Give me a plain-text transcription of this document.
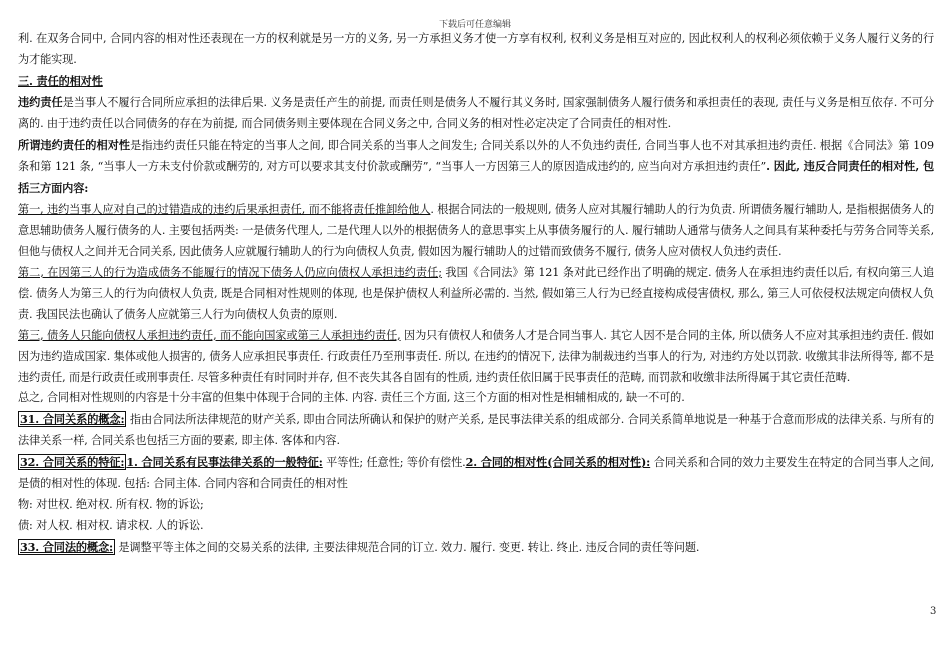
下载后可任意编辑

利. 在双务合同中, 合同内容的相对性还表现在一方的权利就是另一方的义务, 另一方承担义务才使一方享有权利, 权利义务是相互对应的, 因此权利人的权利必须依赖于义务人履行义务的行为才能实现.

三. 责任的相对性

违约责任是当事人不履行合同所应承担的法律后果. 义务是责任产生的前提, 而责任则是债务人不履行其义务时, 国家强制债务人履行债务和承担责任的表现, 责任与义务是相互依存. 不可分离的. 由于违约责任以合同债务的存在为前提, 而合同债务则主要体现在合同义务之中, 合同义务的相对性必定决定了合同责任的相对性.

所谓违约责任的相对性是指违约责任只能在特定的当事人之间, 即合同关系的当事人之间发生; 合同关系以外的人不负违约责任, 合同当事人也不对其承担违约责任. 根据《合同法》第 109 条和第 121 条, “当事人一方未支付价款或酬劳的, 对方可以要求其支付价款或酬劳”, “当事人一方因第三人的原因造成违约的, 应当向对方承担违约责任”. 因此, 违反合同责任的相对性, 包括三方面内容:

第一, 违约当事人应对自己的过错造成的违约后果承担责任, 而不能将责任推卸给他人. 根据合同法的一般规则, 债务人应对其履行辅助人的行为负责. 所谓债务履行辅助人, 是指根据债务人的意思辅助债务人履行债务的人. 主要包括两类: 一是债务代理人, 二是代理人以外的根据债务人的意思事实上从事债务履行的人. 履行辅助人通常与债务人之间具有某种委托与劳务合同等关系, 但他与债权人之间并无合同关系, 因此债务人应就履行辅助人的行为向债权人负责, 假如因为履行辅助人的过错而致债务不履行, 债务人应对债权人负违约责任.

第二, 在因第三人的行为造成债务不能履行的情况下债务人仍应向债权人承担违约责任; 我国《合同法》第 121 条对此已经作出了明确的规定. 债务人在承担违约责任以后, 有权向第三人追偿. 债务人为第三人的行为向债权人负责, 既是合同相对性规则的体现, 也是保护债权人利益所必需的. 当然, 假如第三人行为已经直接构成侵害债权, 那么, 第三人可依侵权法规定向债权人负责. 我国民法也确认了债务人应就第三人行为向债权人负责的原则.

第三, 债务人只能向债权人承担违约责任, 而不能向国家或第三人承担违约责任, 因为只有债权人和债务人才是合同当事人. 其它人因不是合同的主体, 所以债务人不应对其承担违约责任. 假如因为违约造成国家. 集体或他人损害的, 债务人应承担民事责任. 行政责任乃至刑事责任. 所以, 在违约的情况下, 法律为制裁违约当事人的行为, 对违约方处以罚款. 收缴其非法所得等, 都不是违约责任, 而是行政责任或刑事责任. 尽管多种责任有时同时并存, 但不丧失其各自固有的性质, 违约责任依旧属于民事责任的范畴, 而罚款和收缴非法所得属于其它责任范畴.

总之, 合同相对性规则的内容是十分丰富的但集中体现于合同的主体. 内容. 责任三个方面, 这三个方面的相对性是相辅相成的, 缺一不可的.

31. 合同关系的概念: 指由合同法所法律规范的财产关系, 即由合同法所确认和保护的财产关系, 是民事法律关系的组成部分. 合同关系简单地说是一种基于合意而形成的法律关系. 与所有的法律关系一样, 合同关系也包括三方面的要素, 即主体. 客体和内容.

32. 合同关系的特征: 1. 合同关系有民事法律关系的一般特征: 平等性; 任意性; 等价有偿性.2. 合同的相对性(合同关系的相对性): 合同关系和合同的效力主要发生在特定的合同当事人之间, 是债的相对性的体现. 包括: 合同主体. 合同内容和合同责任的相对性

物: 对世权. 绝对权. 所有权. 物的诉讼;

债: 对人权. 相对权. 请求权. 人的诉讼.

33. 合同法的概念: 是调整平等主体之间的交易关系的法律, 主要法律规范合同的订立. 效力. 履行. 变更. 转让. 终止. 违反合同的责任等问题.

3
